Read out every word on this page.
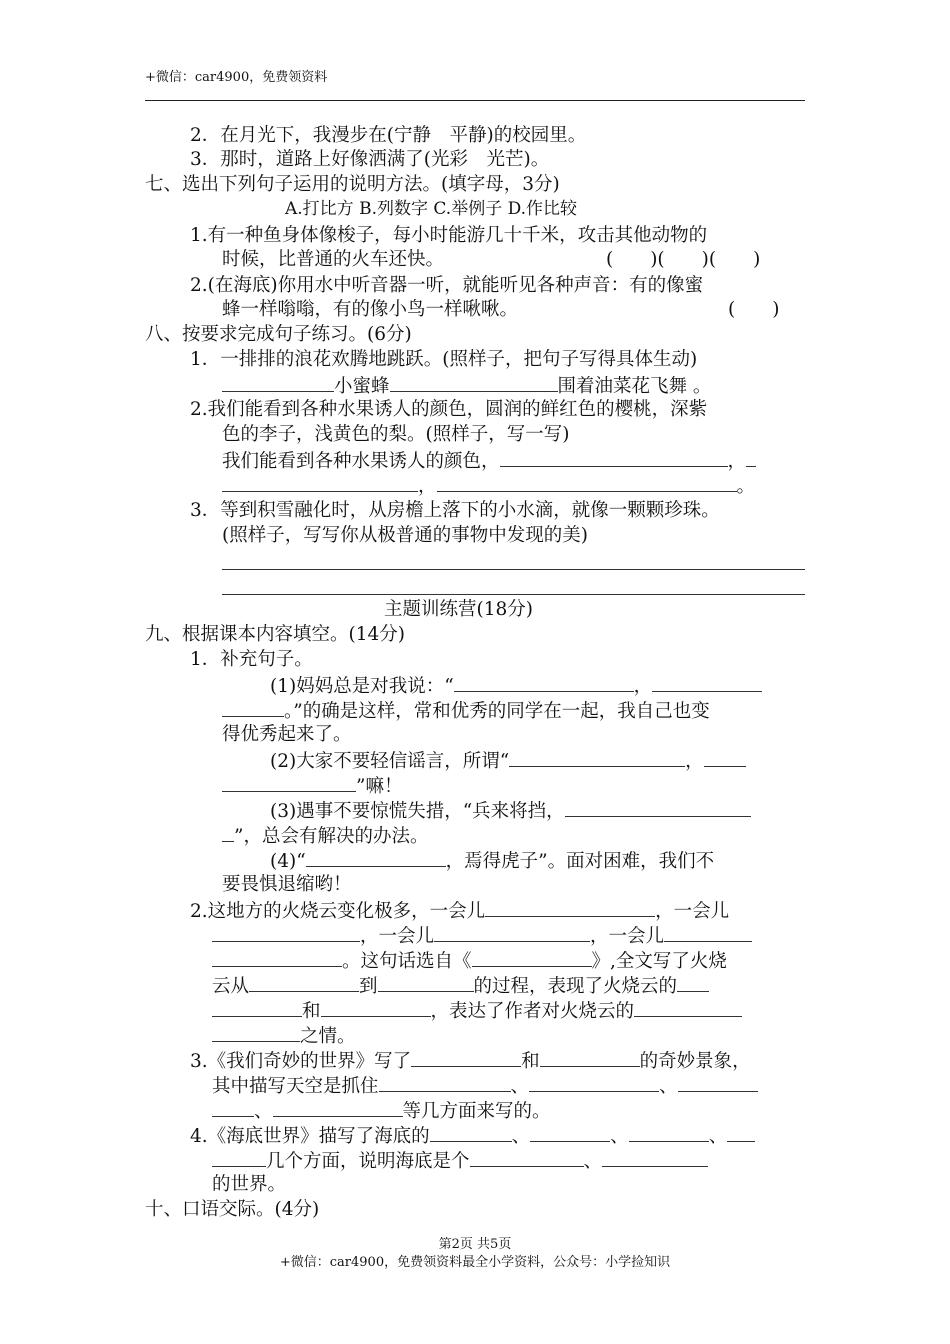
+微信：car4900，免费领资料
2．在月光下，我漫步在(宁静　平静)的校园里。
3．那时，道路上好像洒满了(光彩　光芒)。
七、选出下列句子运用的说明方法。(填字母，3分)
A.打比方 B.列数字 C.举例子 D.作比较
1.有一种鱼身体像梭子，每小时能游几十千米，攻击其他动物的
时候，比普通的火车还快。	(　　)(　　)(　　)
2.(在海底)你用水中听音器一听，就能听见各种声音：有的像蜜
蜂一样嗡嗡，有的像小鸟一样啾啾。	(　　)
八、按要求完成句子练习。(6分)
1．一排排的浪花欢腾地跳跃。(照样子，把句子写得具体生动)
小蜜蜂	围着油菜花飞舞 。
2.我们能看到各种水果诱人的颜色，圆润的鲜红色的樱桃，深紫
色的李子，浅黄色的梨。(照样子，写一写)
我们能看到各种水果诱人的颜色，	，
，	。
3．等到积雪融化时，从房檐上落下的小水滴，就像一颗颗珍珠。
(照样子，写写你从极普通的事物中发现的美)
主题训练营(18分)
九、根据课本内容填空。(14分)
1．补充句子。
(1)妈妈总是对我说：“	，
。”的确是这样，常和优秀的同学在一起，我自己也变
得优秀起来了。
(2)大家不要轻信谣言，所谓“	，
”嘛！
(3)遇事不要惊慌失措，“兵来将挡，
”，总会有解决的办法。
(4)“	，焉得虎子”。面对困难，我们不
要畏惧退缩哟！
2.这地方的火烧云变化极多，一会儿	，一会儿
，一会儿	，一会儿
。这句话选自《	》,全文写了火烧
云从	到	的过程，表现了火烧云的
和	，表达了作者对火烧云的
之情。
3.《我们奇妙的世界》写了	和	的奇妙景象，
其中描写天空是抓住	、	、
、	等几方面来写的。
4.《海底世界》描写了海底的	、	、	、
几个方面，说明海底是个	、
的世界。
十、口语交际。(4分)
第2页 共5页
+微信：car4900，免费领资料最全小学资料，公众号：小学捡知识
